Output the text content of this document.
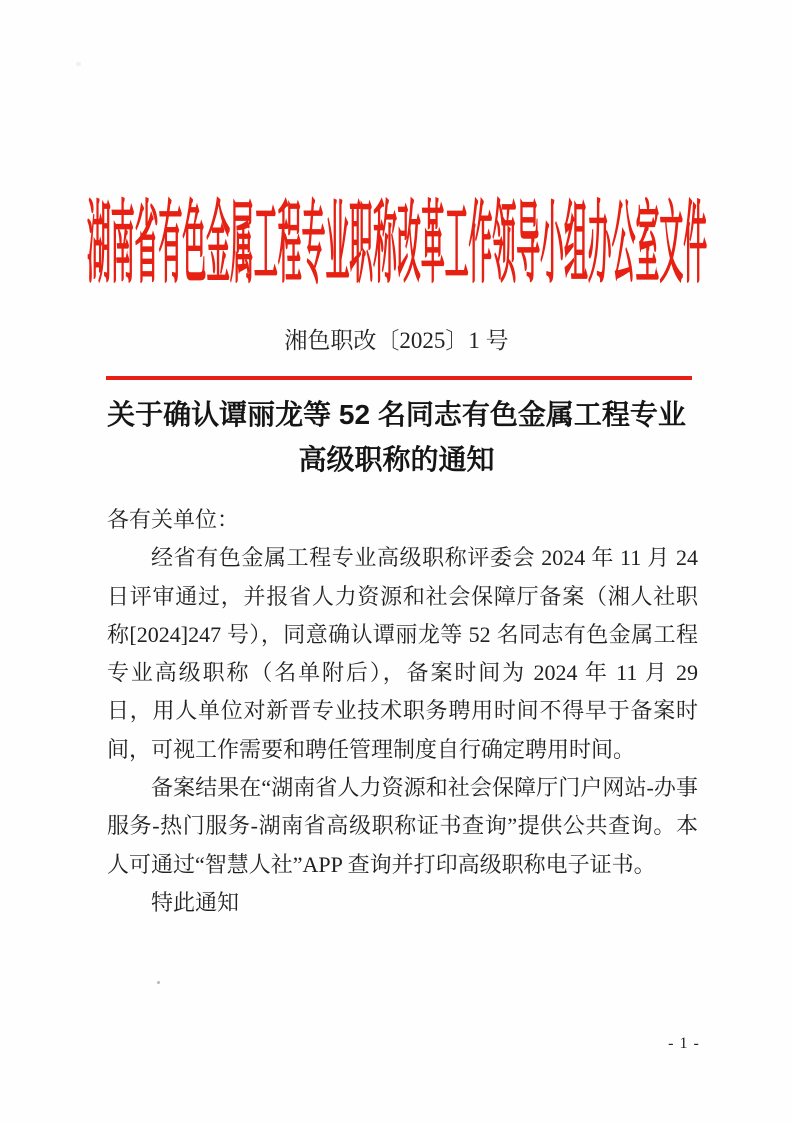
湖南省有色金属工程专业职称改革工作领导小组办公室文件
湘色职改〔2025〕1 号
关于确认谭丽龙等 52 名同志有色金属工程专业
高级职称的通知

各有关单位：

经省有色金属工程专业高级职称评委会 2024 年 11 月 24 日评审通过，并报省人力资源和社会保障厅备案（湘人社职称[2024]247 号），同意确认谭丽龙等 52 名同志有色金属工程专业高级职称（名单附后），备案时间为 2024 年 11 月 29 日，用人单位对新晋专业技术职务聘用时间不得早于备案时间，可视工作需要和聘任管理制度自行确定聘用时间。

备案结果在“湖南省人力资源和社会保障厅门户网站-办事服务-热门服务-湖南省高级职称证书查询”提供公共查询。本人可通过“智慧人社”APP 查询并打印高级职称电子证书。

特此通知

- 1 -
